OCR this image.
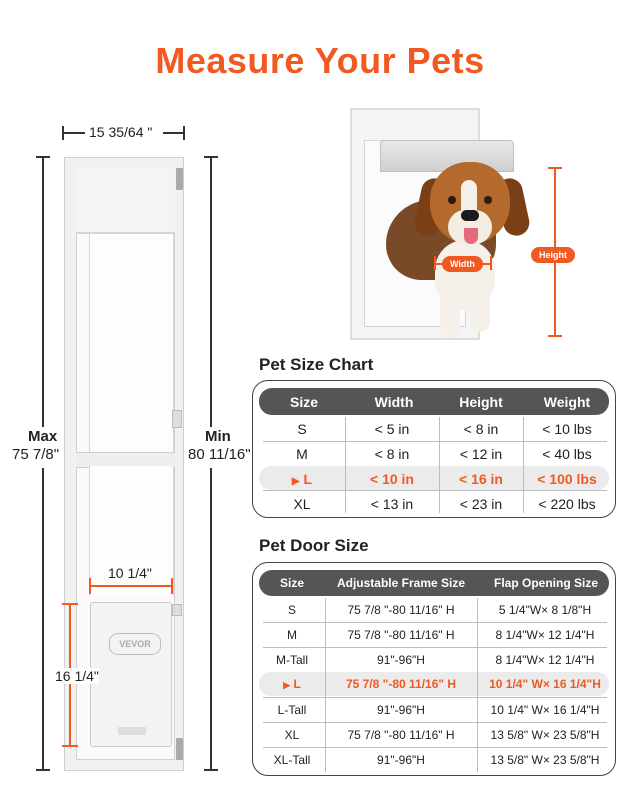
Measure Your Pets
VEVOR
15 35/64 "
Max
75 7/8"
Min
80 11/16"
10 1/4"
16 1/4"
Width
Height
Pet Size Chart
Size	Width	Height	Weight
S	< 5 in	< 8 in	< 10 lbs
M	< 8 in	< 12 in	< 40 lbs
▶ L	< 10 in	< 16 in	< 100 lbs
XL	< 13 in	< 23 in	< 220 lbs
Pet Door Size
Size	Adjustable Frame Size	Flap Opening Size
S	75 7/8 "-80 11/16" H	5 1/4"W× 8 1/8"H
M	75 7/8 "-80 11/16" H	8 1/4"W× 12 1/4"H
M-Tall	91"-96"H	8 1/4"W× 12 1/4"H
▶ L	75 7/8 "-80 11/16" H	10 1/4" W× 16 1/4"H
L-Tall	91"-96"H	10 1/4" W× 16 1/4"H
XL	75 7/8 "-80 11/16" H	13 5/8" W× 23 5/8"H
XL-Tall	91"-96"H	13 5/8" W× 23 5/8"H
